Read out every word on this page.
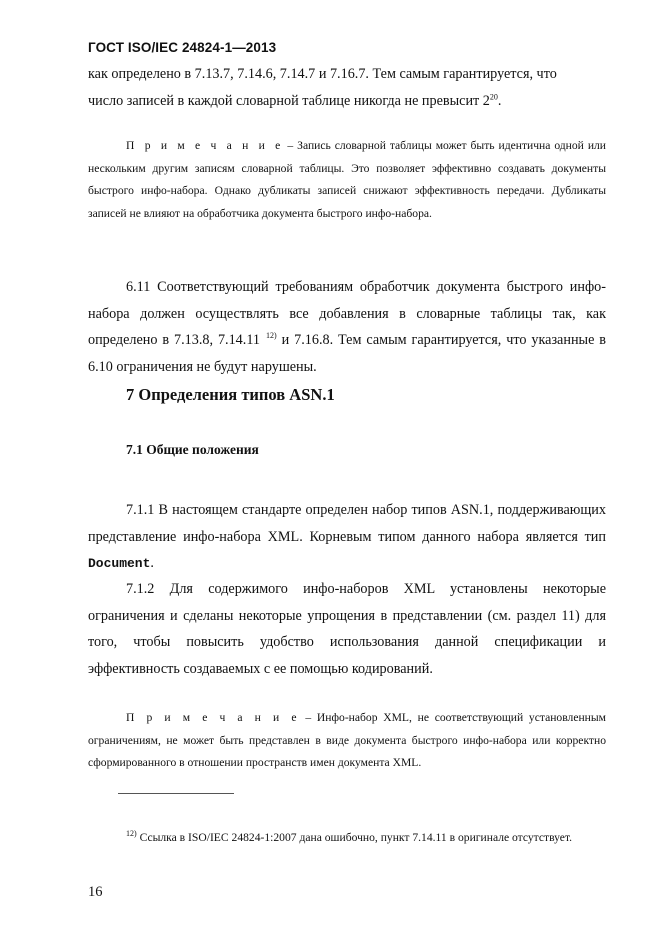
ГОСТ ISO/IEC 24824-1—2013
как определено в 7.13.7, 7.14.6, 7.14.7 и 7.16.7. Тем самым гарантируется, что
число записей в каждой словарной таблице никогда не превысит $2^{20}$.
П р и м е ч а н и е – Запись словарной таблицы может быть идентична одной или нескольким другим записям словарной таблицы. Это позволяет эффективно создавать документы быстрого инфо-набора. Однако дубликаты записей снижают эффективность передачи. Дубликаты записей не влияют на обработчика документа быстрого инфо-набора.
6.11 Соответствующий требованиям обработчик документа быстрого инфо-набора должен осуществлять все добавления в словарные таблицы так, как определено в 7.13.8, 7.14.11 $^{12)}$ и 7.16.8. Тем самым гарантируется, что указанные в 6.10 ограничения не будут нарушены.
7 Определения типов ASN.1
7.1 Общие положения
7.1.1 В настоящем стандарте определен набор типов ASN.1, поддерживающих представление инфо-набора XML. Корневым типом данного набора является тип Document.
7.1.2 Для содержимого инфо-наборов XML установлены некоторые ограничения и сделаны некоторые упрощения в представлении (см. раздел 11) для того, чтобы повысить удобство использования данной спецификации и эффективность создаваемых с ее помощью кодирований.
П р и м е ч а н и е – Инфо-набор XML, не соответствующий установленным ограничениям, не может быть представлен в виде документа быстрого инфо-набора или корректно сформированного в отношении пространств имен документа XML.
$^{12)}$ Ссылка в ISO/IEC 24824-1:2007 дана ошибочно, пункт 7.14.11 в оригинале отсутствует.
16
